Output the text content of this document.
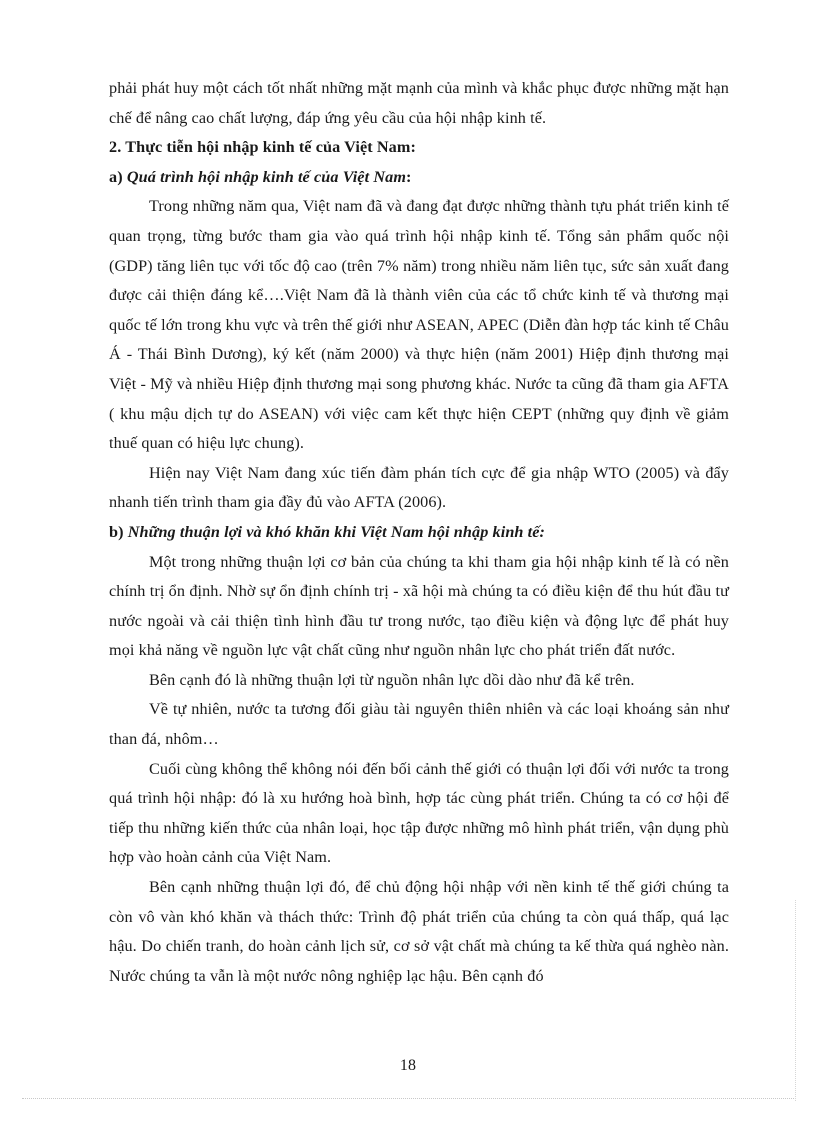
phải phát huy một cách tốt nhất những mặt mạnh của mình và khắc phục được những mặt hạn chế để nâng cao chất lượng, đáp ứng yêu cầu của hội nhập kinh tế.

2. Thực tiễn hội nhập kinh tế của Việt Nam:

a) Quá trình hội nhập kinh tế của Việt Nam:

Trong những năm qua, Việt nam đã và đang đạt được những thành tựu phát triển kinh tế quan trọng, từng bước tham gia vào quá trình hội nhập kinh tế. Tổng sản phẩm quốc nội (GDP) tăng liên tục với tốc độ cao (trên 7% năm) trong nhiều năm liên tục, sức sản xuất đang được cải thiện đáng kể….Việt Nam đã là thành viên của các tổ chức kinh tế và thương mại quốc tế lớn trong khu vực và trên thế giới như ASEAN, APEC (Diễn đàn hợp tác kinh tế Châu Á - Thái Bình Dương), ký kết (năm 2000) và thực hiện (năm 2001) Hiệp định thương mại Việt - Mỹ và nhiều Hiệp định thương mại song phương khác. Nước ta cũng đã tham gia AFTA ( khu mậu dịch tự do ASEAN) với việc cam kết thực hiện CEPT (những quy định về giảm thuế quan có hiệu lực chung).

Hiện nay Việt Nam đang xúc tiến đàm phán tích cực để gia nhập WTO (2005) và đẩy nhanh tiến trình tham gia đầy đủ vào AFTA (2006).

b) Những thuận lợi và khó khăn khi Việt Nam hội nhập kinh tế:

Một trong những thuận lợi cơ bản của chúng ta khi tham gia hội nhập kinh tế là có nền chính trị ổn định. Nhờ sự ổn định chính trị - xã hội mà chúng ta có điều kiện để thu hút đầu tư nước ngoài và cải thiện tình hình đầu tư trong nước, tạo điều kiện và động lực để phát huy mọi khả năng về nguồn lực vật chất cũng như nguồn nhân lực cho phát triển đất nước.

Bên cạnh đó là những thuận lợi từ nguồn nhân lực dồi dào như đã kể trên.

Về tự nhiên, nước ta tương đối giàu tài nguyên thiên nhiên và các loại khoáng sản như than đá, nhôm…

Cuối cùng không thể không nói đến bối cảnh thế giới có thuận lợi đối với nước ta trong quá trình hội nhập: đó là xu hướng hoà bình, hợp tác cùng phát triển. Chúng ta có cơ hội để tiếp thu những kiến thức của nhân loại, học tập được những mô hình phát triển, vận dụng phù hợp vào hoàn cảnh của Việt Nam.

Bên cạnh những thuận lợi đó, để chủ động hội nhập với nền kinh tế thế giới chúng ta còn vô vàn khó khăn và thách thức: Trình độ phát triển của chúng ta còn quá thấp, quá lạc hậu. Do chiến tranh, do hoàn cảnh lịch sử, cơ sở vật chất mà chúng ta kế thừa quá nghèo nàn. Nước chúng ta vẫn là một nước nông nghiệp lạc hậu. Bên cạnh đó

18
